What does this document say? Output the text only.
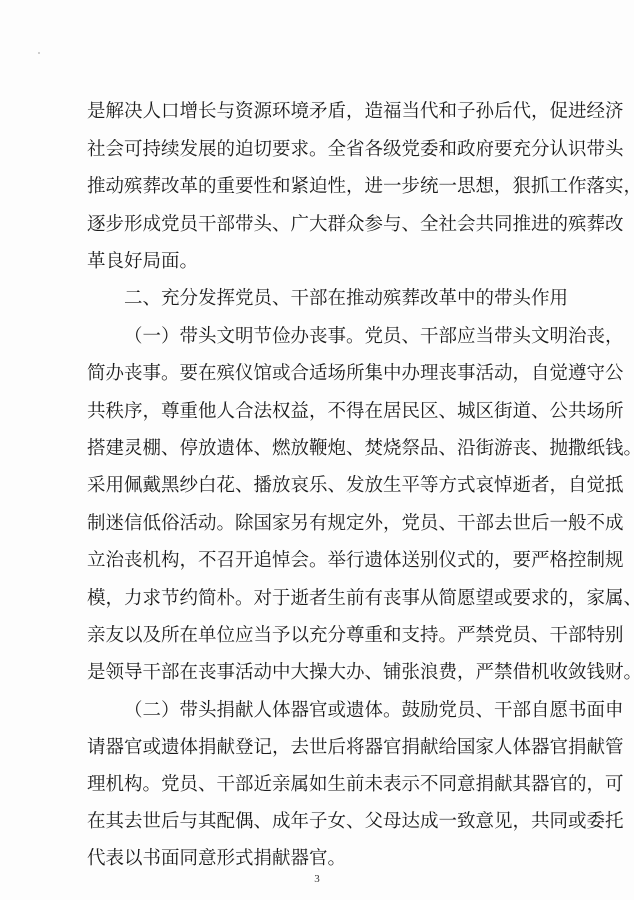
是解决人口增长与资源环境矛盾，造福当代和子孙后代，促进经济
社会可持续发展的迫切要求。全省各级党委和政府要充分认识带头
推动殡葬改革的重要性和紧迫性，进一步统一思想，狠抓工作落实，
逐步形成党员干部带头、广大群众参与、全社会共同推进的殡葬改
革良好局面。
二、充分发挥党员、干部在推动殡葬改革中的带头作用
（一）带头文明节俭办丧事。党员、干部应当带头文明治丧，
简办丧事。要在殡仪馆或合适场所集中办理丧事活动，自觉遵守公
共秩序，尊重他人合法权益，不得在居民区、城区街道、公共场所
搭建灵棚、停放遗体、燃放鞭炮、焚烧祭品、沿街游丧、抛撒纸钱。
采用佩戴黑纱白花、播放哀乐、发放生平等方式哀悼逝者，自觉抵
制迷信低俗活动。除国家另有规定外，党员、干部去世后一般不成
立治丧机构，不召开追悼会。举行遗体送别仪式的，要严格控制规
模，力求节约简朴。对于逝者生前有丧事从简愿望或要求的，家属、
亲友以及所在单位应当予以充分尊重和支持。严禁党员、干部特别
是领导干部在丧事活动中大操大办、铺张浪费，严禁借机收敛钱财。
（二）带头捐献人体器官或遗体。鼓励党员、干部自愿书面申
请器官或遗体捐献登记，去世后将器官捐献给国家人体器官捐献管
理机构。党员、干部近亲属如生前未表示不同意捐献其器官的，可
在其去世后与其配偶、成年子女、父母达成一致意见，共同或委托
代表以书面同意形式捐献器官。
3
